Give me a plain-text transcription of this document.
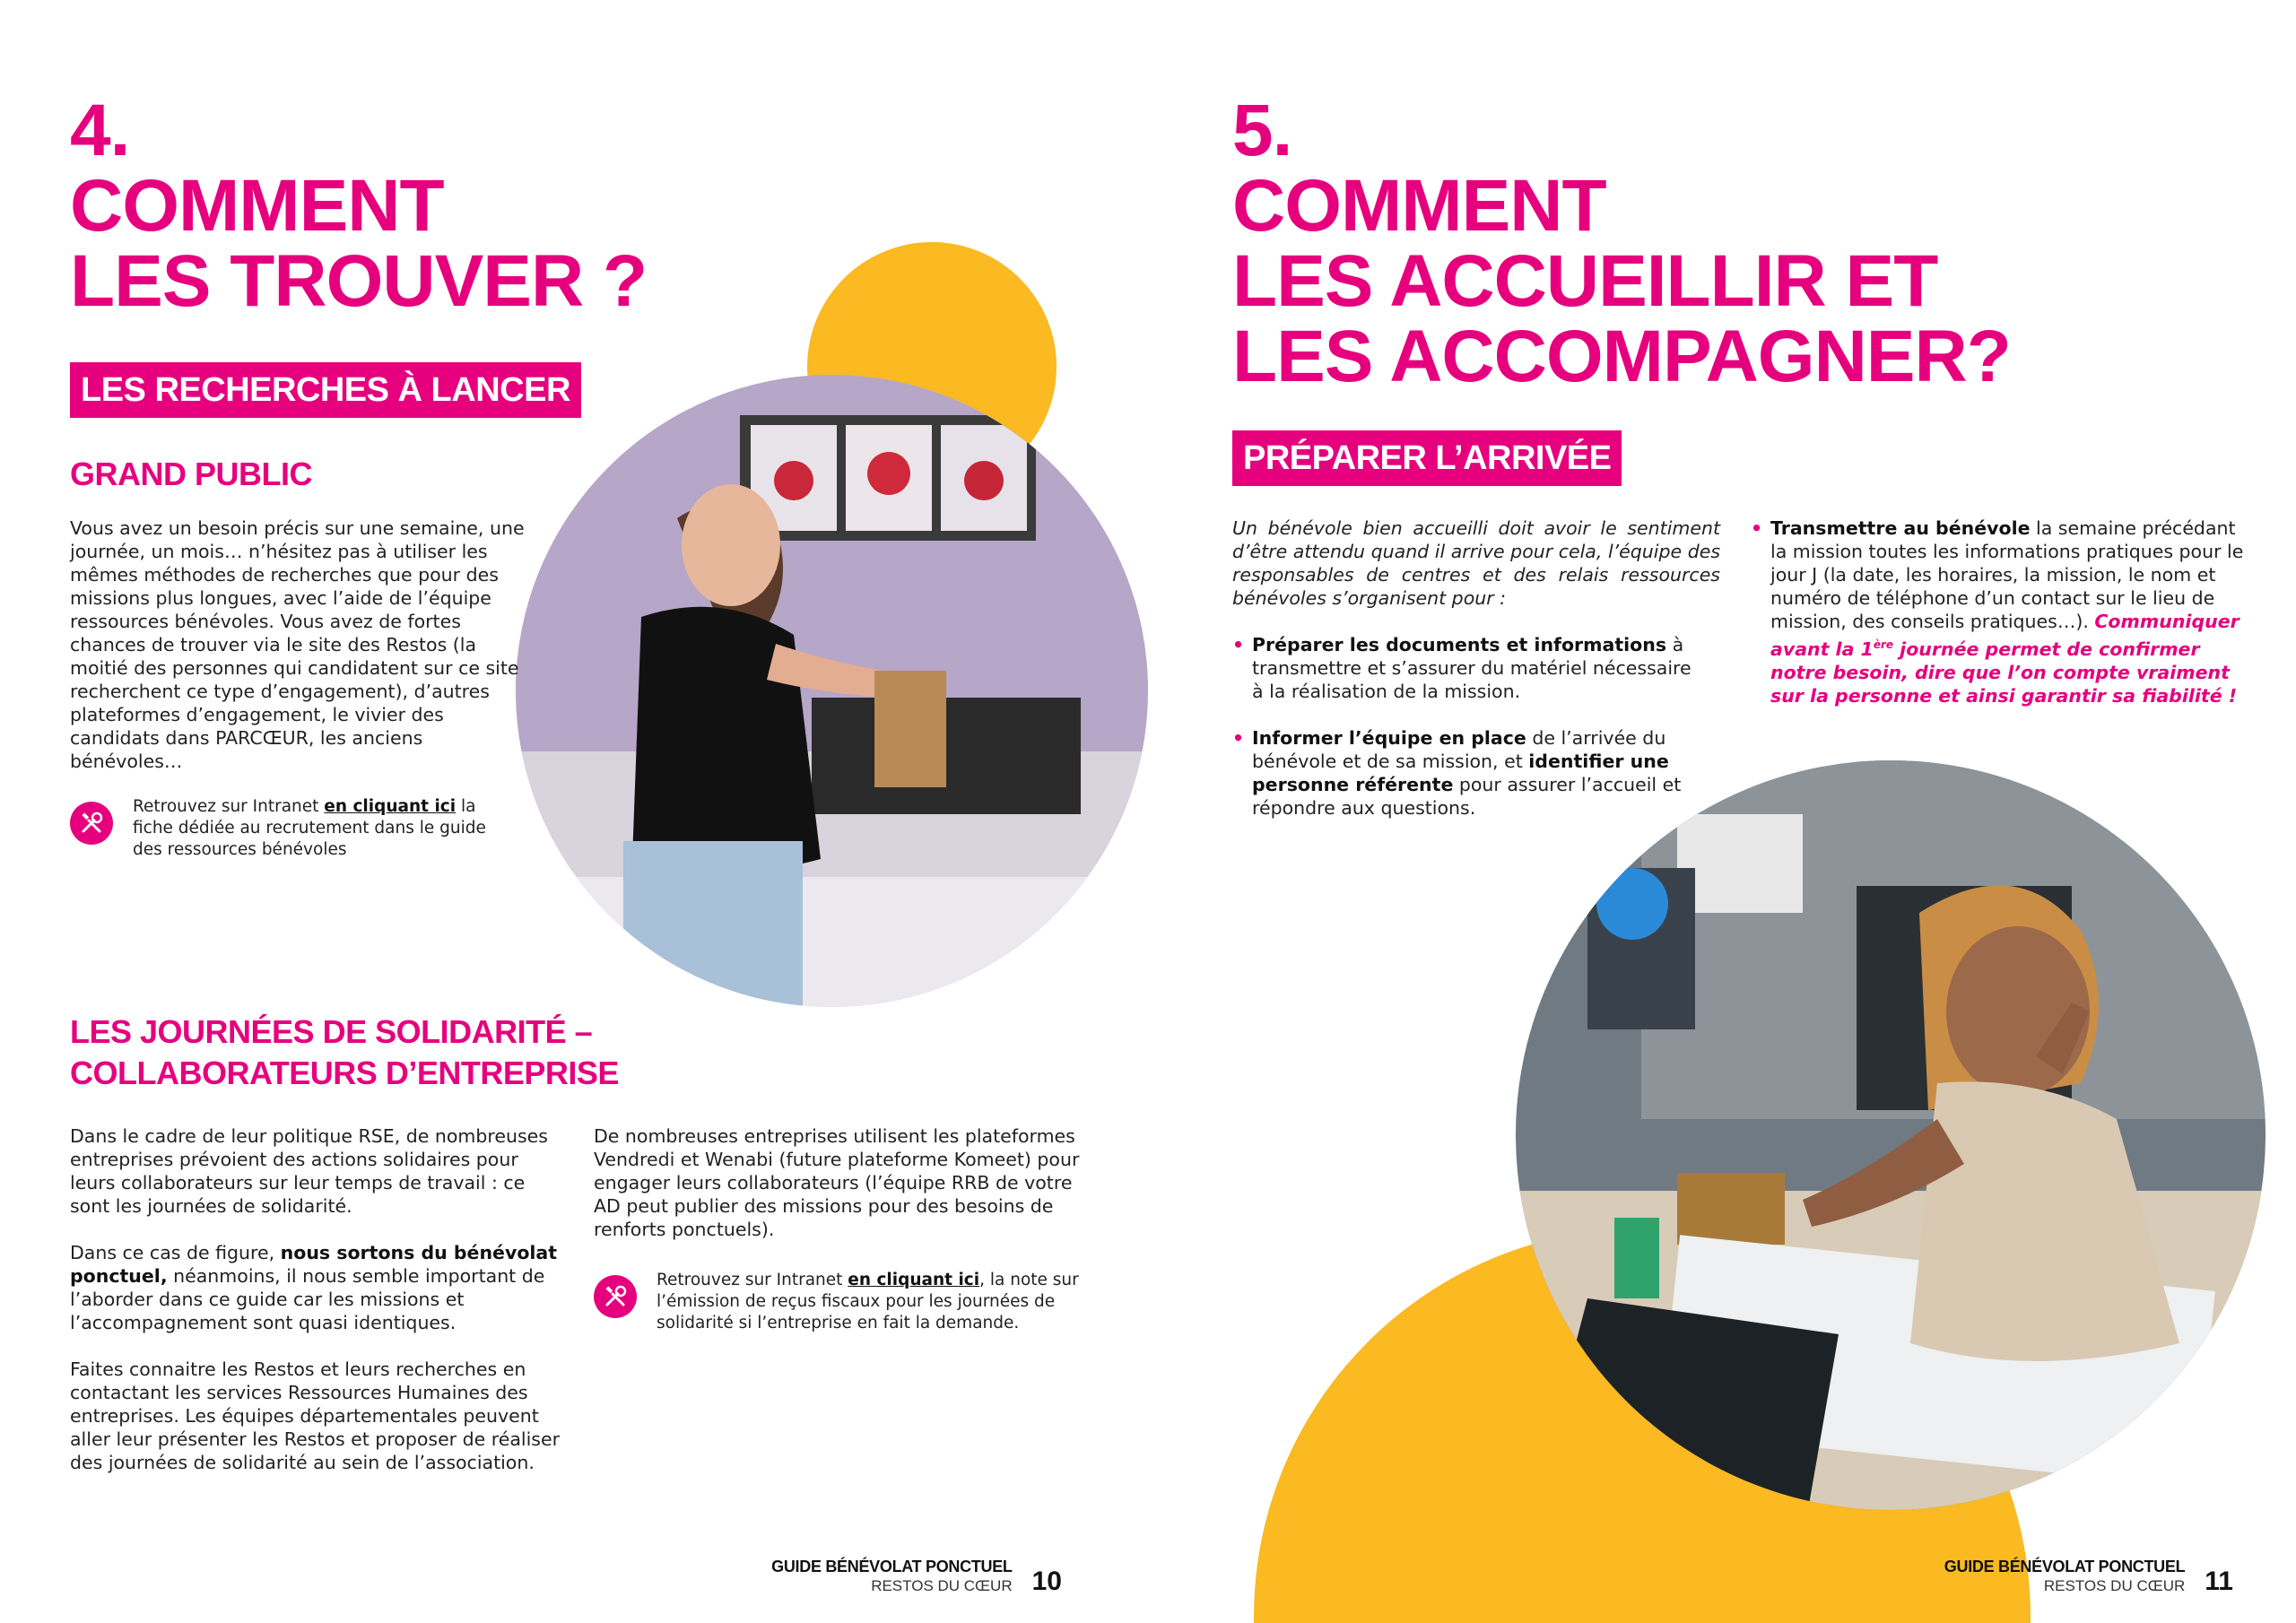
4.
COMMENT
LES TROUVER ?
LES RECHERCHES À LANCER
GRAND PUBLIC

Vous avez un besoin précis sur une semaine, une journée, un mois… n’hésitez pas à utiliser les mêmes méthodes de recherches que pour des missions plus longues, avec l’aide de l’équipe ressources bénévoles. Vous avez de fortes chances de trouver via le site des Restos (la moitié des personnes qui candidatent sur ce site recherchent ce type d’engagement), d’autres plateformes d’engagement, le vivier des candidats dans PARCŒUR, les anciens bénévoles…

Retrouvez sur Intranet en cliquant ici la fiche dédiée au recrutement dans le guide des ressources bénévoles
LES JOURNÉES DE SOLIDARITÉ –
COLLABORATEURS D’ENTREPRISE

Dans le cadre de leur politique RSE, de nombreuses entreprises prévoient des actions solidaires pour leurs collaborateurs sur leur temps de travail : ce sont les journées de solidarité.

Dans ce cas de figure, nous sortons du bénévolat ponctuel, néanmoins, il nous semble important de l’aborder dans ce guide car les missions et l’accompagnement sont quasi identiques.

Faites connaitre les Restos et leurs recherches en contactant les services Ressources Humaines des entreprises. Les équipes départementales peuvent aller leur présenter les Restos et proposer de réaliser des journées de solidarité au sein de l’association.

De nombreuses entreprises utilisent les plateformes Vendredi et Wenabi (future plateforme Komeet) pour engager leurs collaborateurs (l’équipe RRB de votre AD peut publier des missions pour des besoins de renforts ponctuels).

Retrouvez sur Intranet en cliquant ici, la note sur l’émission de reçus fiscaux pour les journées de solidarité si l’entreprise en fait la demande.
GUIDE BÉNÉVOLAT PONCTUEL
RESTOS DU CŒUR 10
5.
COMMENT
LES ACCUEILLIR ET
LES ACCOMPAGNER?
PRÉPARER L’ARRIVÉE

Un bénévole bien accueilli doit avoir le sentiment d’être attendu quand il arrive pour cela, l’équipe des responsables de centres et des relais ressources bénévoles s’organisent pour :

• Préparer les documents et informations à transmettre et s’assurer du matériel nécessaire à la réalisation de la mission.
• Informer l’équipe en place de l’arrivée du bénévole et de sa mission, et identifier une personne référente pour assurer l’accueil et répondre aux questions.
• Transmettre au bénévole la semaine précédant la mission toutes les informations pratiques pour le jour J (la date, les horaires, la mission, le nom et numéro de téléphone d’un contact sur le lieu de mission, des conseils pratiques…). Communiquer avant la 1ère journée permet de confirmer notre besoin, dire que l’on compte vraiment sur la personne et ainsi garantir sa fiabilité !
GUIDE BÉNÉVOLAT PONCTUEL
RESTOS DU CŒUR 11
